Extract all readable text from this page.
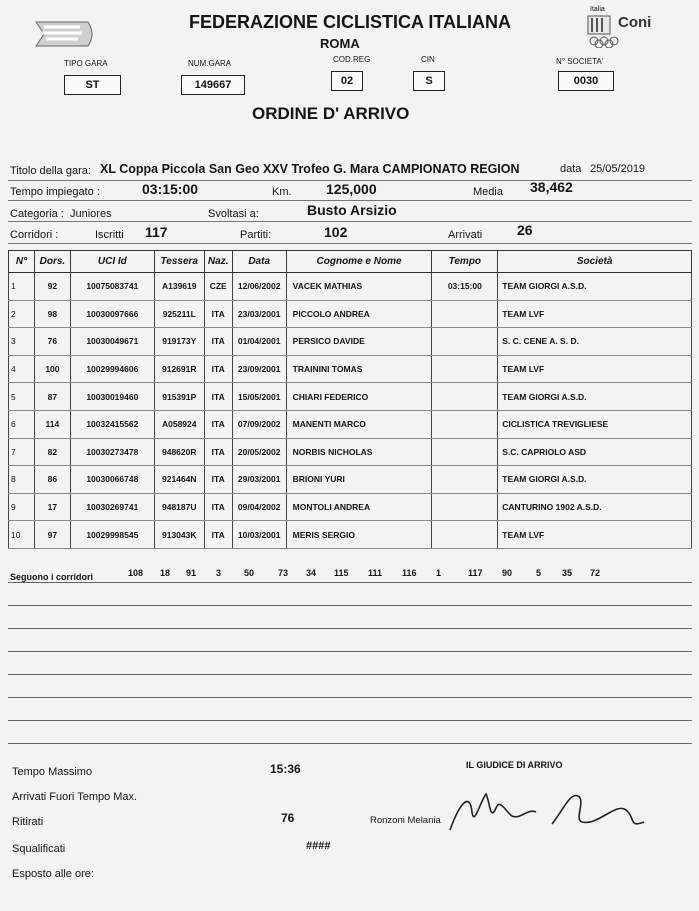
Italia
Coni
FEDERAZIONE CICLISTICA ITALIANA
ROMA
TIPO GARA
ST
NUM.GARA
149667
COD.REG
02
CIN
S
N° SOCIETA'
0030
ORDINE D' ARRIVO
Titolo della gara: XL Coppa Piccola San Geo XXV Trofeo G. Mara CAMPIONATO REGION	data 25/05/2019
Tempo impiegato :	03:15:00	Km. 125,000	Media 38,462
Categoria : Juniores	Svoltasi a:	Busto Arsizio
Corridori :	Iscritti 117	Partiti:	102	Arrivati 26
N°	Dors.	UCI Id	Tessera	Naz.	Data	Cognome e Nome	Tempo	Società
1	92	10075083741	A139619	CZE	12/06/2002	VACEK MATHIAS	03:15:00	TEAM GIORGI A.S.D.
2	98	10030097666	925211L	ITA	23/03/2001	PICCOLO ANDREA		TEAM LVF
3	76	10030049671	919173Y	ITA	01/04/2001	PERSICO DAVIDE		S. C. CENE A. S. D.
4	100	10029994606	912691R	ITA	23/09/2001	TRAININI TOMAS		TEAM LVF
5	87	10030019460	915391P	ITA	15/05/2001	CHIARI FEDERICO		TEAM GIORGI A.S.D.
6	114	10032415562	A058924	ITA	07/09/2002	MANENTI MARCO		CICLISTICA TREVIGLIESE
7	82	10030273478	948620R	ITA	20/05/2002	NORBIS NICHOLAS		S.C. CAPRIOLO ASD
8	86	10030066748	921464N	ITA	29/03/2001	BRIONI YURI		TEAM GIORGI A.S.D.
9	17	10030269741	948187U	ITA	09/04/2002	MONTOLI ANDREA		CANTURINO 1902 A.S.D.
10	97	10029998545	913043K	ITA	10/03/2001	MERIS SERGIO		TEAM LVF
Seguono i corridori	108	18	91	3	50	73	34	115	111	116	1	117	90	5	35	72
Tempo Massimo	15:36
Arrivati Fuori Tempo Max.
Ritirati	76
Squalificati	####
Esposto alle ore:
IL GIUDICE DI ARRIVO
Ronzoni Melania
